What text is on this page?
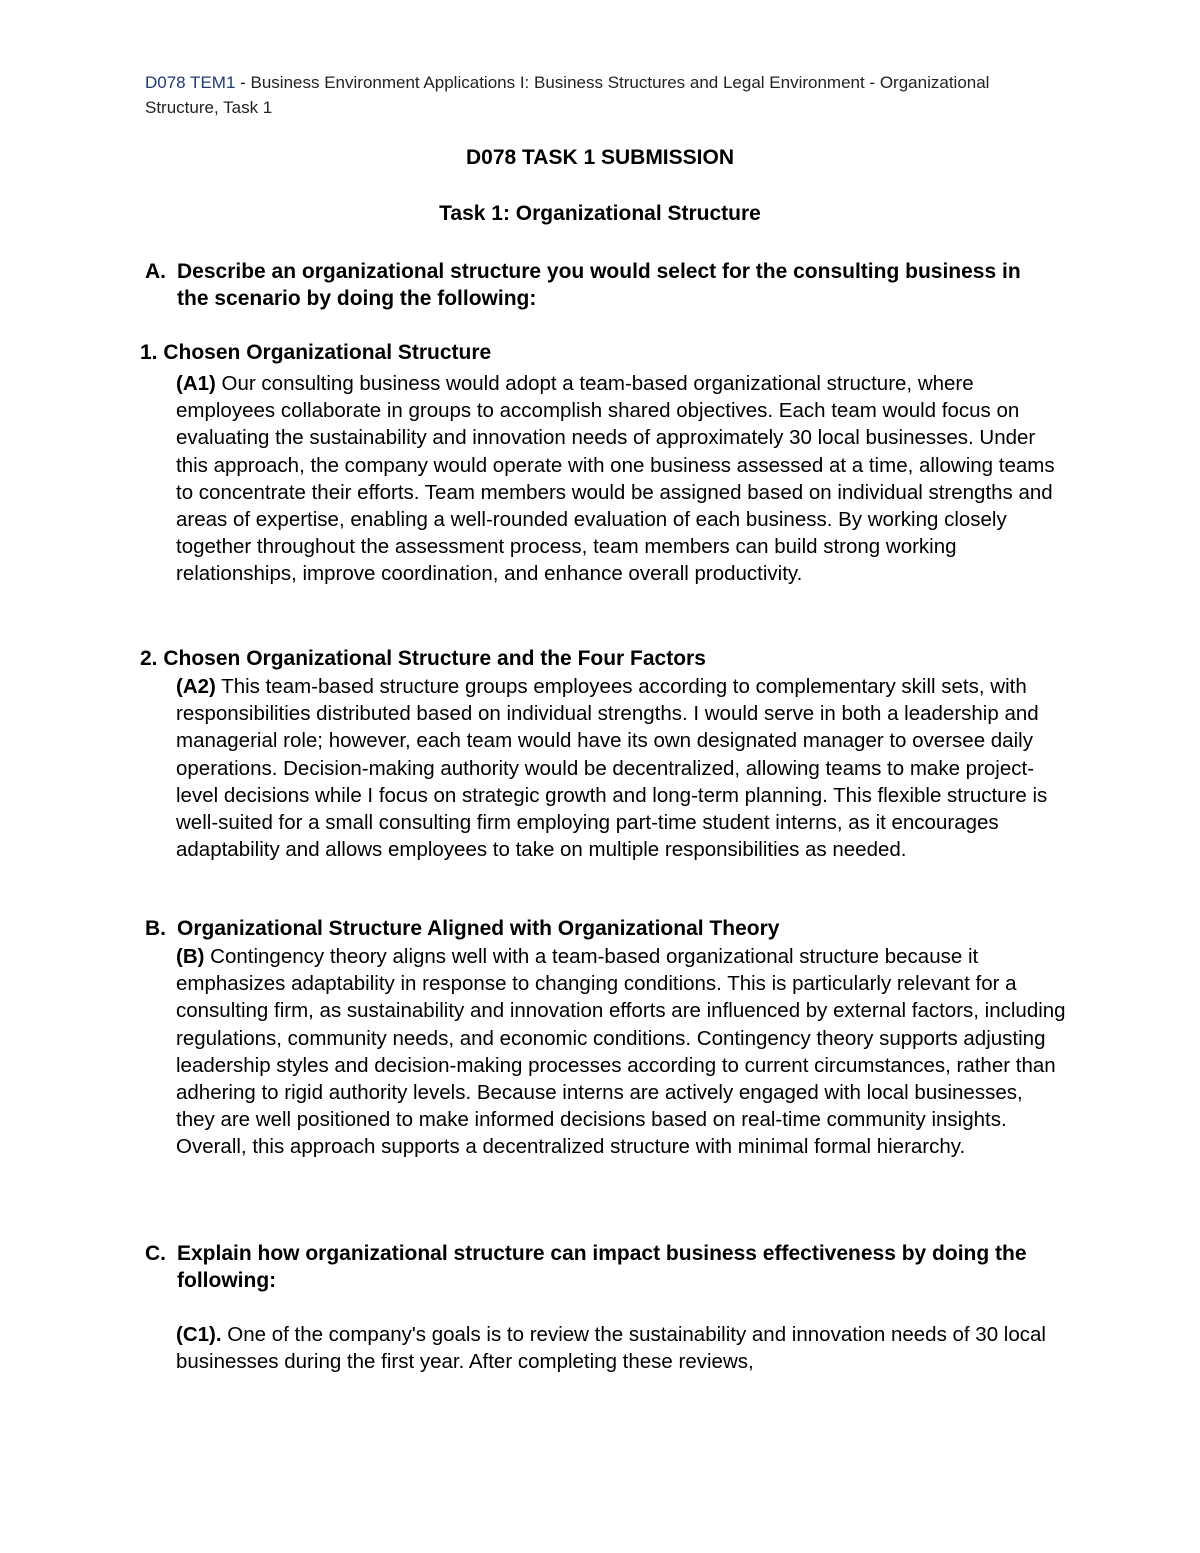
D078 TEM1 - Business Environment Applications I: Business Structures and Legal Environment - Organizational Structure, Task 1
D078 TASK 1 SUBMISSION
Task 1: Organizational Structure
A. Describe an organizational structure you would select for the consulting business in the scenario by doing the following:
1. Chosen Organizational Structure

(A1) Our consulting business would adopt a team-based organizational structure, where employees collaborate in groups to accomplish shared objectives. Each team would focus on evaluating the sustainability and innovation needs of approximately 30 local businesses. Under this approach, the company would operate with one business assessed at a time, allowing teams to concentrate their efforts. Team members would be assigned based on individual strengths and areas of expertise, enabling a well-rounded evaluation of each business. By working closely together throughout the assessment process, team members can build strong working relationships, improve coordination, and enhance overall productivity.

2. Chosen Organizational Structure and the Four Factors

(A2) This team-based structure groups employees according to complementary skill sets, with responsibilities distributed based on individual strengths. I would serve in both a leadership and managerial role; however, each team would have its own designated manager to oversee daily operations. Decision-making authority would be decentralized, allowing teams to make project-level decisions while I focus on strategic growth and long-term planning. This flexible structure is well-suited for a small consulting firm employing part-time student interns, as it encourages adaptability and allows employees to take on multiple responsibilities as needed.

B. Organizational Structure Aligned with Organizational Theory

(B) Contingency theory aligns well with a team-based organizational structure because it emphasizes adaptability in response to changing conditions. This is particularly relevant for a consulting firm, as sustainability and innovation efforts are influenced by external factors, including regulations, community needs, and economic conditions. Contingency theory supports adjusting leadership styles and decision-making processes according to current circumstances, rather than adhering to rigid authority levels. Because interns are actively engaged with local businesses, they are well positioned to make informed decisions based on real-time community insights. Overall, this approach supports a decentralized structure with minimal formal hierarchy.

C. Explain how organizational structure can impact business effectiveness by doing the following:

(C1). One of the company's goals is to review the sustainability and innovation needs of 30 local businesses during the first year. After completing these reviews,
